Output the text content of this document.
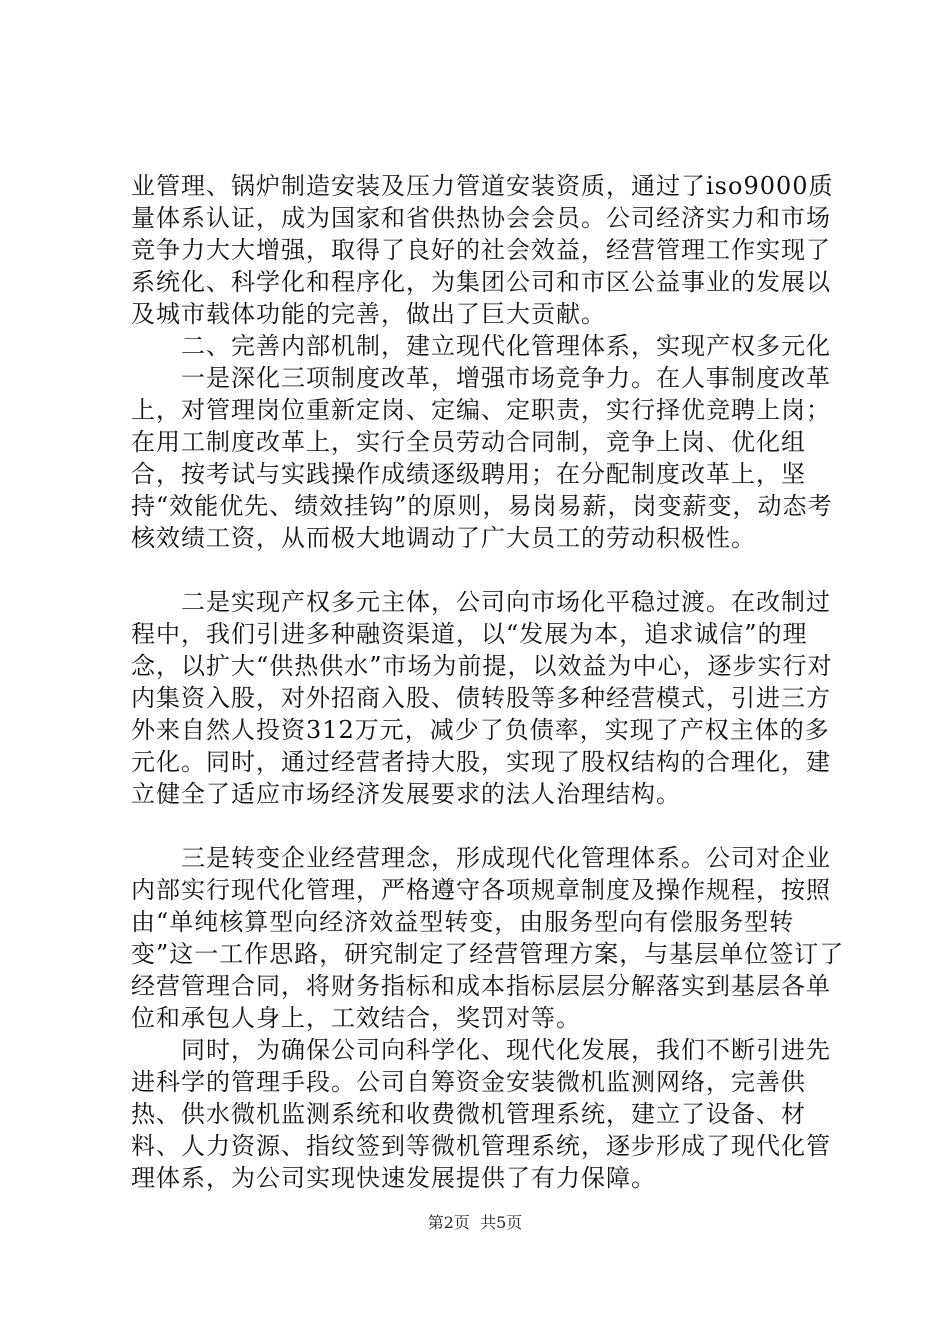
业管理、锅炉制造安装及压力管道安装资质，通过了iso9000质量体系认证，成为国家和省供热协会会员。公司经济实力和市场竞争力大大增强，取得了良好的社会效益，经营管理工作实现了系统化、科学化和程序化，为集团公司和市区公益事业的发展以及城市载体功能的完善，做出了巨大贡献。

二、完善内部机制，建立现代化管理体系，实现产权多元化

一是深化三项制度改革，增强市场竞争力。在人事制度改革上，对管理岗位重新定岗、定编、定职责，实行择优竞聘上岗；在用工制度改革上，实行全员劳动合同制，竞争上岗、优化组合，按考试与实践操作成绩逐级聘用；在分配制度改革上，坚持“效能优先、绩效挂钩”的原则，易岗易薪，岗变薪变，动态考核效绩工资，从而极大地调动了广大员工的劳动积极性。

二是实现产权多元主体，公司向市场化平稳过渡。在改制过程中，我们引进多种融资渠道，以“发展为本，追求诚信”的理念，以扩大“供热供水”市场为前提，以效益为中心，逐步实行对内集资入股，对外招商入股、债转股等多种经营模式，引进三方外来自然人投资312万元，减少了负债率，实现了产权主体的多元化。同时，通过经营者持大股，实现了股权结构的合理化，建立健全了适应市场经济发展要求的法人治理结构。

三是转变企业经营理念，形成现代化管理体系。公司对企业内部实行现代化管理，严格遵守各项规章制度及操作规程，按照由“单纯核算型向经济效益型转变，由服务型向有偿服务型转变”这一工作思路，研究制定了经营管理方案，与基层单位签订了经营管理合同，将财务指标和成本指标层层分解落实到基层各单位和承包人身上，工效结合，奖罚对等。

同时，为确保公司向科学化、现代化发展，我们不断引进先进科学的管理手段。公司自筹资金安装微机监测网络，完善供热、供水微机监测系统和收费微机管理系统，建立了设备、材料、人力资源、指纹签到等微机管理系统，逐步形成了现代化管理体系，为公司实现快速发展提供了有力保障。

第2页 共5页
